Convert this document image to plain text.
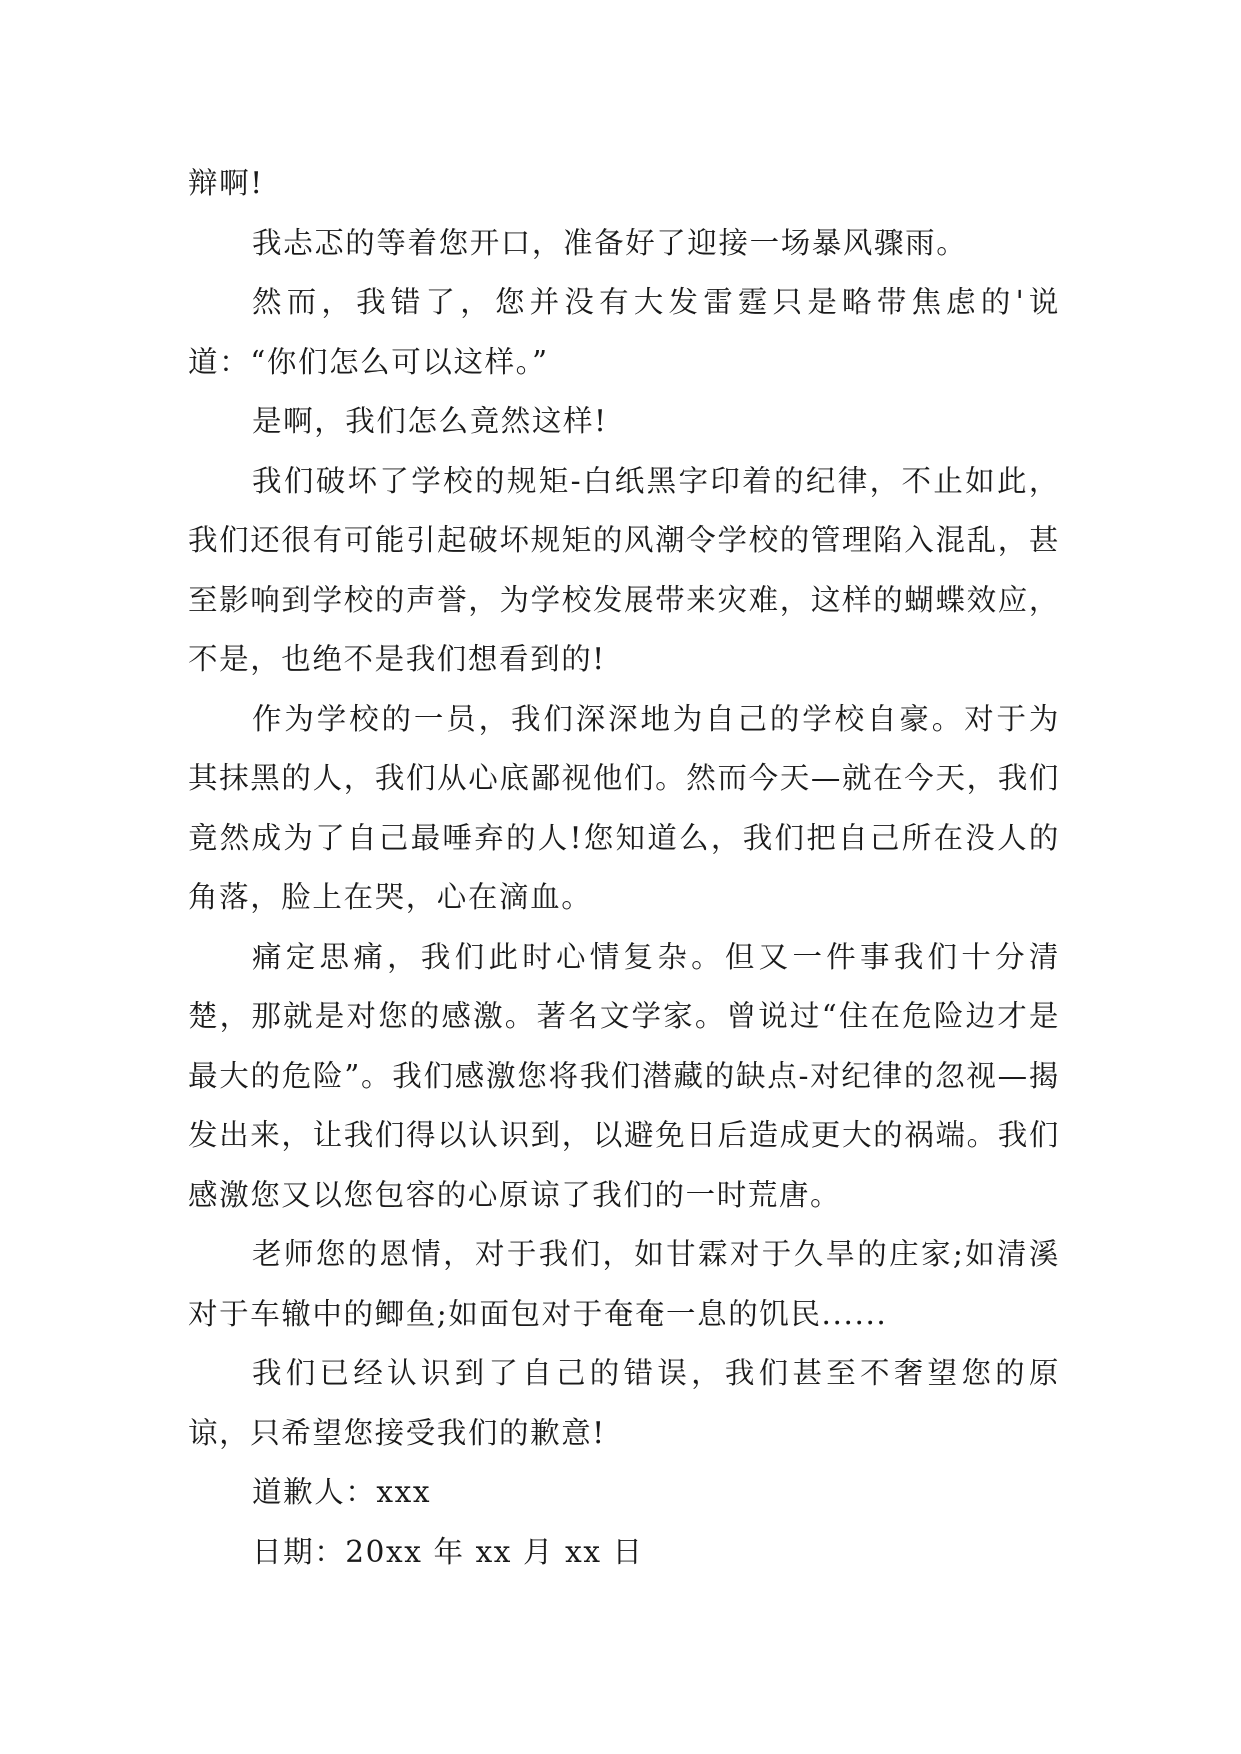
辩啊!

我忐忑的等着您开口，准备好了迎接一场暴风骤雨。

然而，我错了，您并没有大发雷霆只是略带焦虑的'说道：“你们怎么可以这样。”

是啊，我们怎么竟然这样!

我们破坏了学校的规矩-白纸黑字印着的纪律，不止如此，我们还很有可能引起破坏规矩的风潮令学校的管理陷入混乱，甚至影响到学校的声誉，为学校发展带来灾难，这样的蝴蝶效应，不是，也绝不是我们想看到的!

作为学校的一员，我们深深地为自己的学校自豪。对于为其抹黑的人，我们从心底鄙视他们。然而今天—就在今天，我们竟然成为了自己最唾弃的人!您知道么，我们把自己所在没人的角落，脸上在哭，心在滴血。

痛定思痛，我们此时心情复杂。但又一件事我们十分清楚，那就是对您的感激。著名文学家。曾说过“住在危险边才是最大的危险”。我们感激您将我们潜藏的缺点-对纪律的忽视—揭发出来，让我们得以认识到，以避免日后造成更大的祸端。我们感激您又以您包容的心原谅了我们的一时荒唐。

老师您的恩情，对于我们，如甘霖对于久旱的庄家;如清溪对于车辙中的鲫鱼;如面包对于奄奄一息的饥民......

我们已经认识到了自己的错误，我们甚至不奢望您的原谅，只希望您接受我们的歉意!

道歉人：xxx

日期：20xx 年 xx 月 xx 日
